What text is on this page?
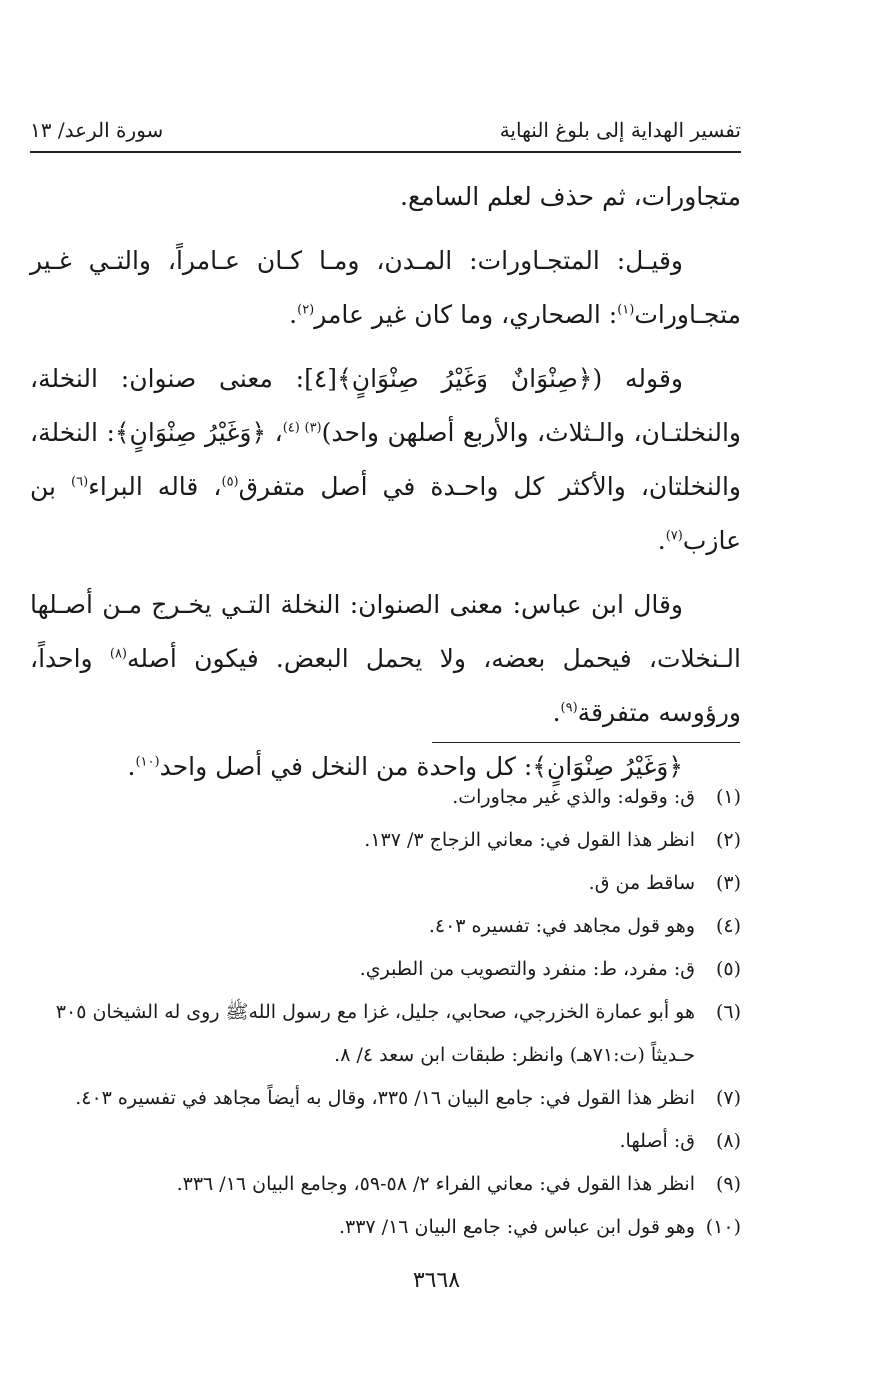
تفسير الهداية إلى بلوغ النهاية
سورة الرعد/ ١٣

متجاورات، ثم حذف لعلم السامع.

وقيـل: المتجـاورات: المـدن، ومـا كـان عـامراً، والتـي غـير متجـاورات$^{(١)}$: الصحاري، وما كان غير عامر$^{(٢)}$.

وقوله (﴿صِنْوَانٌ وَغَيْرُ صِنْوَانٍ﴾[٤]: معنى صنوان: النخلة، والنخلتـان، والـثلاث، والأربع أصلهن واحد)$^{(٣) (٤)}$، ﴿وَغَيْرُ صِنْوَانٍ﴾: النخلة، والنخلتان، والأكثر كل واحـدة في أصل متفرق$^{(٥)}$، قاله البراء$^{(٦)}$ بن عازب$^{(٧)}$.

وقال ابن عباس: معنى الصنوان: النخلة التـي يخـرج مـن أصـلها الـنخلات، فيحمل بعضه، ولا يحمل البعض. فيكون أصله$^{(٨)}$ واحداً، ورؤوسه متفرقة$^{(٩)}$.

﴿وَغَيْرُ صِنْوَانٍ﴾: كل واحدة من النخل في أصل واحد$^{(١٠)}$.

(١)
ق: وقوله: والذي غير مجاورات.
(٢)
انظر هذا القول في: معاني الزجاج ٣/ ١٣٧.
(٣)
ساقط من ق.
(٤)
وهو قول مجاهد في: تفسيره ٤٠٣.
(٥)
ق: مفرد، ط: منفرد والتصويب من الطبري.
(٦)
هو أبو عمارة الخزرجي، صحابي، جليل، غزا مع رسول اللهﷺ روى له الشيخان ٣٠٥ حـديثاً (ت:٧١هـ) وانظر: طبقات ابن سعد ٤/ ٨.
(٧)
انظر هذا القول في: جامع البيان ١٦/ ٣٣٥، وقال به أيضاً مجاهد في تفسيره ٤٠٣.
(٨)
ق: أصلها.
(٩)
انظر هذا القول في: معاني الفراء ٢/ ٥٨-٥٩، وجامع البيان ١٦/ ٣٣٦.
(١٠)
وهو قول ابن عباس في: جامع البيان ١٦/ ٣٣٧.
٣٦٦٨
